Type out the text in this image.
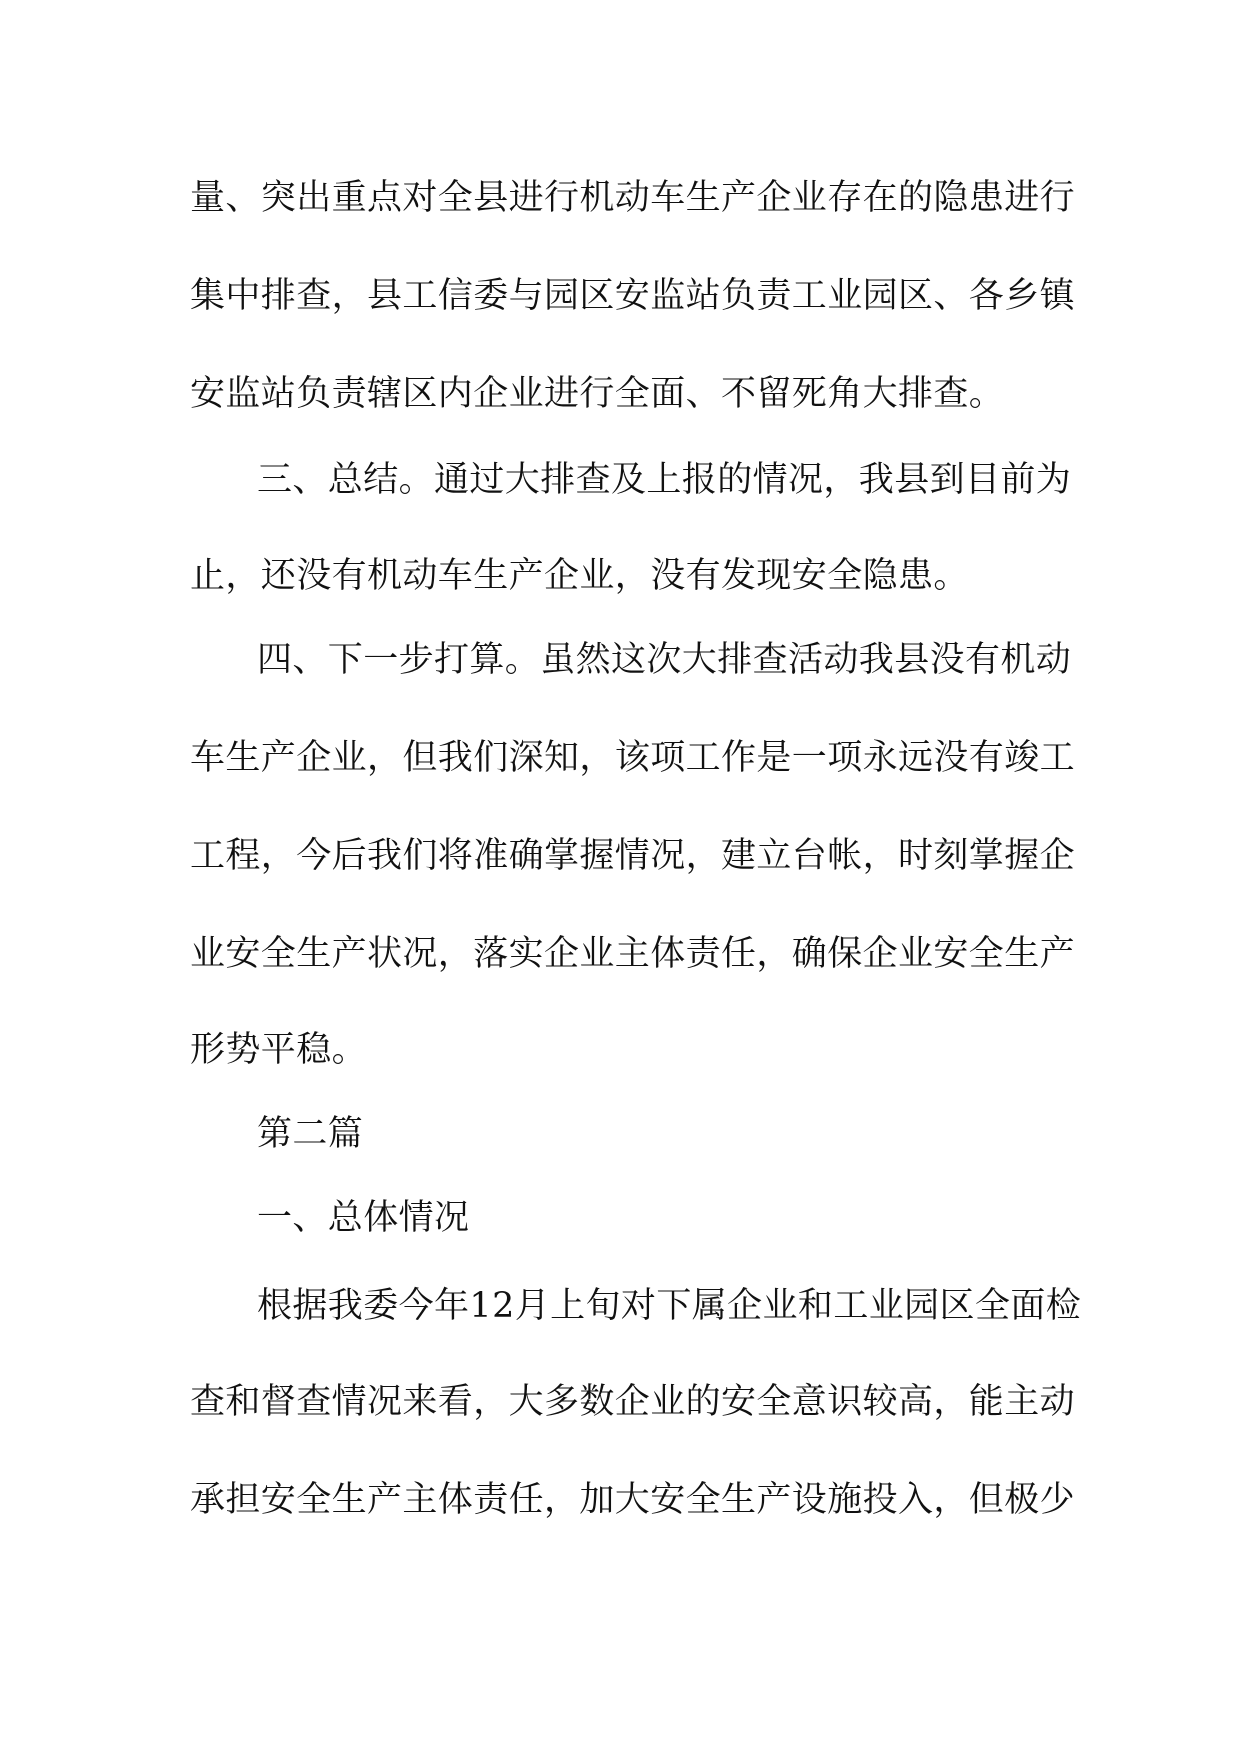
量、突出重点对全县进行机动车生产企业存在的隐患进行
集中排查，县工信委与园区安监站负责工业园区、各乡镇
安监站负责辖区内企业进行全面、不留死角大排查。
三、总结。通过大排查及上报的情况，我县到目前为
止，还没有机动车生产企业，没有发现安全隐患。
四、下一步打算。虽然这次大排查活动我县没有机动
车生产企业，但我们深知，该项工作是一项永远没有竣工
工程，今后我们将准确掌握情况，建立台帐，时刻掌握企
业安全生产状况，落实企业主体责任，确保企业安全生产
形势平稳。
第二篇
一、总体情况
根据我委今年12月上旬对下属企业和工业园区全面检
查和督查情况来看，大多数企业的安全意识较高，能主动
承担安全生产主体责任，加大安全生产设施投入，但极少
